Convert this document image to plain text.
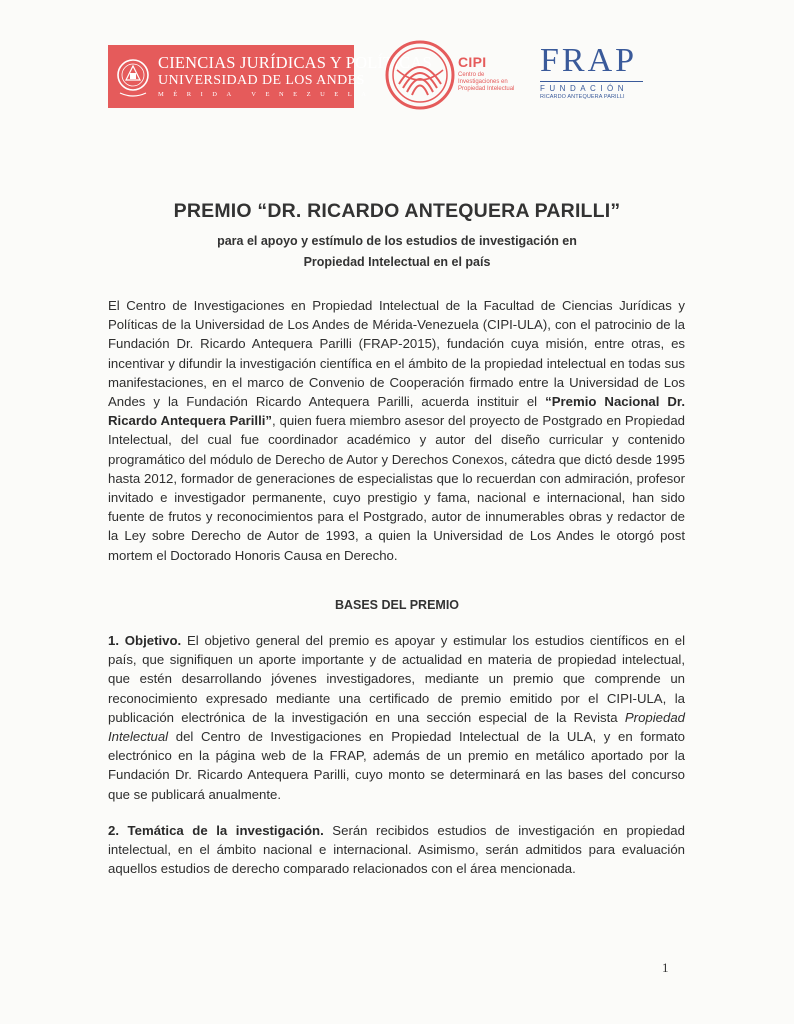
CIENCIAS JURÍDICAS Y POLÍTICAS
UNIVERSIDAD DE LOS ANDES
MÉRIDA VENEZUELA
CIPI
Centro de Investigaciones en Propiedad Intelectual
FRAP
FUNDACIÓN
RICARDO ANTEQUERA PARILLI
PREMIO “DR. RICARDO ANTEQUERA PARILLI”
para el apoyo y estímulo de los estudios de investigación en
Propiedad Intelectual en el país
El Centro de Investigaciones en Propiedad Intelectual de la Facultad de Ciencias Jurídicas y Políticas de la Universidad de Los Andes de Mérida-Venezuela (CIPI-ULA), con el patrocinio de la Fundación Dr. Ricardo Antequera Parilli (FRAP-2015), fundación cuya misión, entre otras, es incentivar y difundir la investigación científica en el ámbito de la propiedad intelectual en todas sus manifestaciones, en el marco de Convenio de Cooperación firmado entre la Universidad de Los Andes y la Fundación Ricardo Antequera Parilli, acuerda instituir el “Premio Nacional Dr. Ricardo Antequera Parilli”, quien fuera miembro asesor del proyecto de Postgrado en Propiedad Intelectual, del cual fue coordinador académico y autor del diseño curricular y contenido programático del módulo de Derecho de Autor y Derechos Conexos, cátedra que dictó desde 1995 hasta 2012, formador de generaciones de especialistas que lo recuerdan con admiración, profesor invitado e investigador permanente, cuyo prestigio y fama, nacional e internacional, han sido fuente de frutos y reconocimientos para el Postgrado, autor de innumerables obras y redactor de la Ley sobre Derecho de Autor de 1993, a quien la Universidad de Los Andes le otorgó post mortem el Doctorado Honoris Causa en Derecho.
BASES DEL PREMIO
1. Objetivo. El objetivo general del premio es apoyar y estimular los estudios científicos en el país, que signifiquen un aporte importante y de actualidad en materia de propiedad intelectual, que estén desarrollando jóvenes investigadores, mediante un premio que comprende un reconocimiento expresado mediante una certificado de premio emitido por el CIPI-ULA, la publicación electrónica de la investigación en una sección especial de la Revista Propiedad Intelectual del Centro de Investigaciones en Propiedad Intelectual de la ULA, y en formato electrónico en la página web de la FRAP, además de un premio en metálico aportado por la Fundación Dr. Ricardo Antequera Parilli, cuyo monto se determinará en las bases del concurso que se publicará anualmente.
2. Temática de la investigación. Serán recibidos estudios de investigación en propiedad intelectual, en el ámbito nacional e internacional. Asimismo, serán admitidos para evaluación aquellos estudios de derecho comparado relacionados con el área mencionada.
1
